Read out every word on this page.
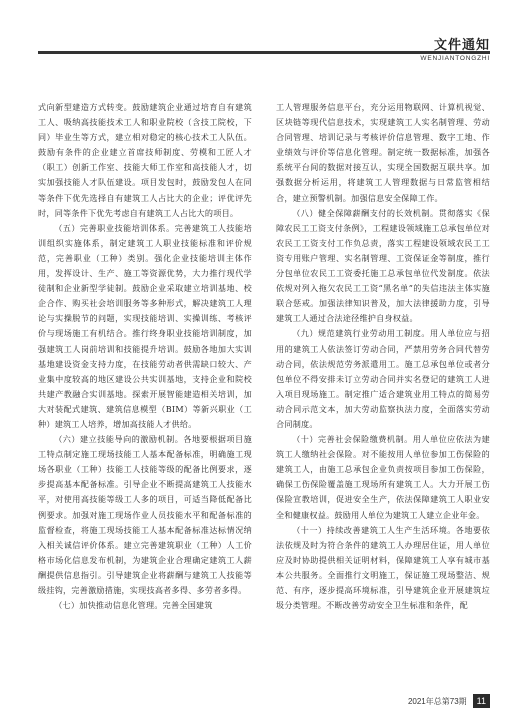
文件通知
WENJIANTONGZHI

式向新型建造方式转变。鼓励建筑企业通过培育自有建筑工人、吸纳高技能技术工人和职业院校（含技工院校，下同）毕业生等方式，建立相对稳定的核心技术工人队伍。鼓励有条件的企业建立首席技师制度、劳模和工匠人才（职工）创新工作室、技能大师工作室和高技能人才，切实加强技能人才队伍建设。项目发包时，鼓励发包人在同等条件下优先选择自有建筑工人占比大的企业；评优评先时，同等条件下优先考虑自有建筑工人占比大的项目。

（五）完善职业技能培训体系。完善建筑工人技能培训组织实施体系，制定建筑工人职业技能标准和评价规范，完善职业（工种）类别。强化企业技能培训主体作用，发挥设计、生产、施工等资源优势，大力推行现代学徒制和企业新型学徒制。鼓励企业采取建立培训基地、校企合作、购买社会培训服务等多种形式，解决建筑工人理论与实操脱节的问题，实现技能培训、实操训练、考核评价与现场施工有机结合。推行终身职业技能培训制度，加强建筑工人岗前培训和技能提升培训。鼓励各地加大实训基地建设资金支持力度，在技能劳动者供需缺口较大、产业集中度较高的地区建设公共实训基地，支持企业和院校共建产教融合实训基地。探索开展智能建造相关培训，加大对装配式建筑、建筑信息模型（BIM）等新兴职业（工种）建筑工人培养，增加高技能人才供给。

（六）建立技能导向的激励机制。各地要根据项目施工特点制定施工现场技能工人基本配备标准，明确施工现场各职业（工种）技能工人技能等级的配备比例要求，逐步提高基本配备标准。引导企业不断提高建筑工人技能水平，对使用高技能等级工人多的项目，可适当降低配备比例要求。加强对施工现场作业人员技能水平和配备标准的监督检查，将施工现场技能工人基本配备标准达标情况纳入相关诚信评价体系。建立完善建筑职业（工种）人工价格市场化信息发布机制，为建筑企业合理确定建筑工人薪酬提供信息指引。引导建筑企业将薪酬与建筑工人技能等级挂钩，完善激励措施，实现技高者多得、多劳者多得。

（七）加快推动信息化管理。完善全国建筑

工人管理服务信息平台，充分运用物联网、计算机视觉、区块链等现代信息技术，实现建筑工人实名制管理、劳动合同管理、培训记录与考核评价信息管理、数字工地、作业绩效与评价等信息化管理。制定统一数据标准，加强各系统平台间的数据对接互认，实现全国数据互联共享。加强数据分析运用，将建筑工人管理数据与日常监管相结合，建立预警机制。加强信息安全保障工作。

（八）健全保障薪酬支付的长效机制。贯彻落实《保障农民工工资支付条例》，工程建设领域施工总承包单位对农民工工资支付工作负总责，落实工程建设领域农民工工资专用账户管理、实名制管理、工资保证金等制度，推行分包单位农民工工资委托施工总承包单位代发制度。依法依规对列入拖欠农民工工资“黑名单”的失信违法主体实施联合惩戒。加强法律知识普及，加大法律援助力度，引导建筑工人通过合法途径维护自身权益。

（九）规范建筑行业劳动用工制度。用人单位应与招用的建筑工人依法签订劳动合同，严禁用劳务合同代替劳动合同，依法规范劳务派遣用工。施工总承包单位或者分包单位不得安排未订立劳动合同并实名登记的建筑工人进入项目现场施工。制定推广适合建筑业用工特点的简易劳动合同示范文本，加大劳动监察执法力度，全面落实劳动合同制度。

（十）完善社会保险缴费机制。用人单位应依法为建筑工人缴纳社会保险。对不能按用人单位参加工伤保险的建筑工人，由施工总承包企业负责按项目参加工伤保险，确保工伤保险覆盖施工现场所有建筑工人。大力开展工伤保险宣教培训，促进安全生产，依法保障建筑工人职业安全和健康权益。鼓励用人单位为建筑工人建立企业年金。

（十一）持续改善建筑工人生产生活环境。各地要依法依规及时为符合条件的建筑工人办理居住证，用人单位应及时协助提供相关证明材料，保障建筑工人享有城市基本公共服务。全面推行文明施工，保证施工现场整洁、规范、有序，逐步提高环境标准，引导建筑企业开展建筑垃圾分类管理。不断改善劳动安全卫生标准和条件，配

2021年总第73期	11
